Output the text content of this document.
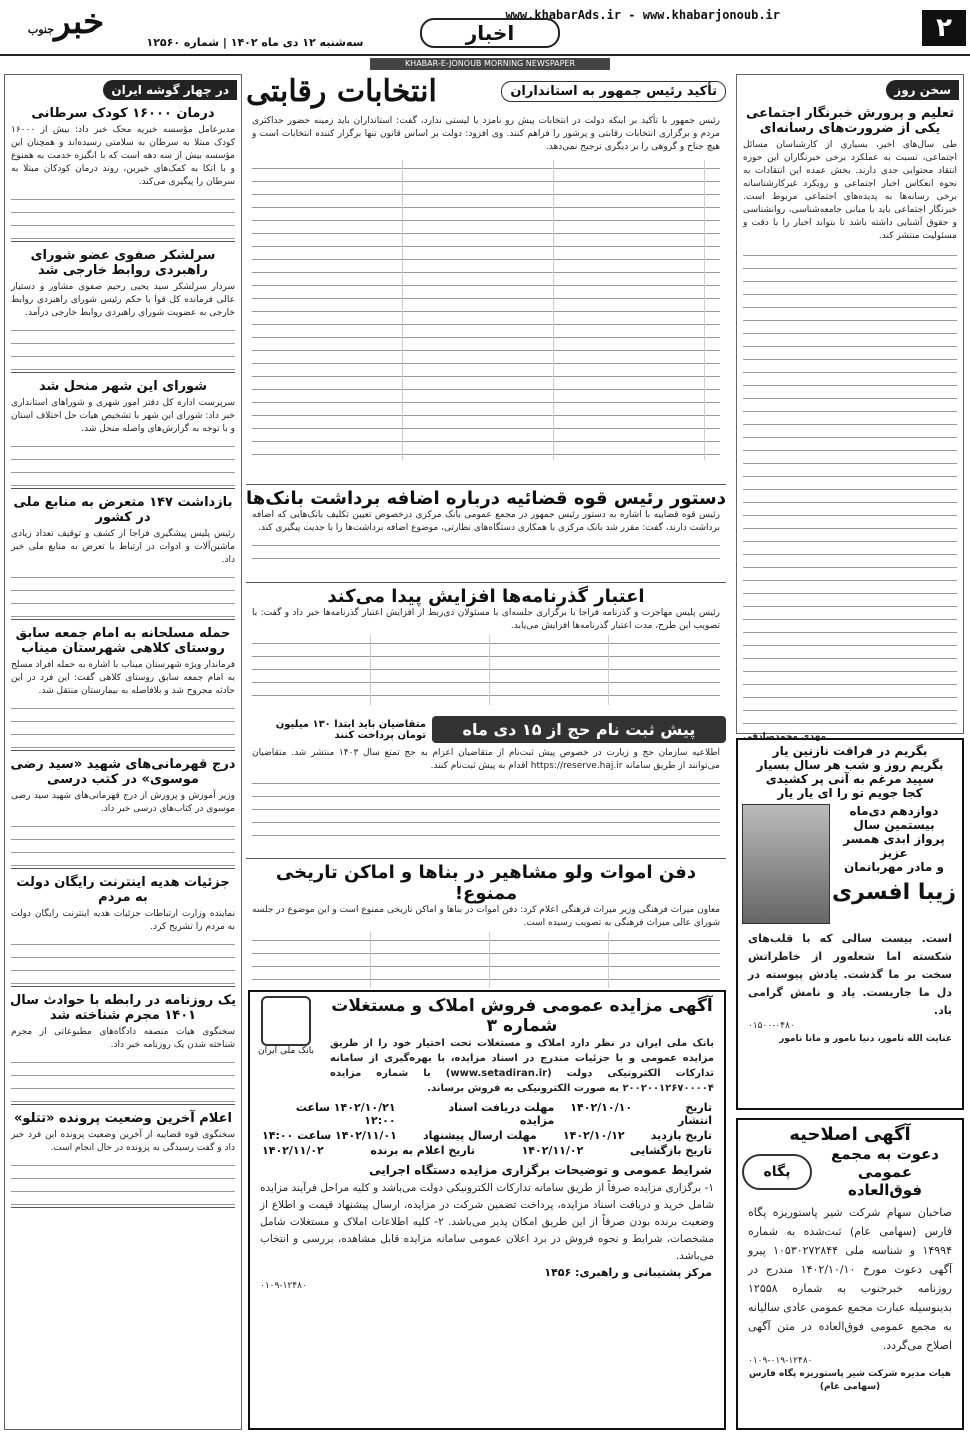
۲
www.khabarAds.ir - www.khabarjonoub.ir
اخبار
خبرجنوب
سه‌شنبه ۱۲ دی ماه ۱۴۰۲ | شماره ۱۲۵۶۰
KHABAR-E-JONOUB MORNING NEWSPAPER
سخن روز
تعلیم و پرورش خبرنگار اجتماعی یکی از ضرورت‌های رسانه‌ای
طی سال‌های اخیر، بسیاری از کارشناسان مسائل اجتماعی، نسبت به عملکرد برخی خبرنگاران این حوزه انتقاد محتوایی جدی دارند. بخش عمده این انتقادات به نحوه انعکاس اخبار اجتماعی و رویکرد غیرکارشناسانه برخی رسانه‌ها به پدیده‌های اجتماعی مربوط است. خبرنگار اجتماعی باید با مبانی جامعه‌شناسی، روانشناسی و حقوق آشنایی داشته باشد تا بتواند اخبار را با دقت و مسئولیت منتشر کند.
مهدی محمدصادقی
بگریم در فراقت نازنین یار
بگریم روز و شب هر سال بسیار
سپید مرغم به آنی پر کشیدی
کجا جویم تو را ای یار یار
دوازدهم دی‌ماه
بیستمین سال
پرواز ابدی همسر عزیز
و مادر مهربانمان
زیبا افسری
است. بیست سالی که با قلب‌های شکسته اما شعله‌ور از خاطراتش سخت بر ما گذشت. یادش پیوسته در دل ما جاریست. یاد و نامش گرامی باد.
۰۱۵۰۰-۰۴۸۰
عنایت الله نامور، دنیا نامور و مانا نامور
آگهی اصلاحیه
دعوت به مجمع عمومی
فوق‌العاده
پگاه
صاحبان سهام شرکت شیر پاستوریزه پگاه فارس (سهامی عام) ثبت‌شده به شماره ۱۴۹۹۴ و شناسه ملی ۱۰۵۳۰۲۷۲۸۴۴ پیرو آگهی دعوت مورخ ۱۴۰۲/۱۰/۱۰ مندرج در روزنامه خبرجنوب به شماره ۱۲۵۵۸ بدینوسیله عبارت مجمع عمومی عادی سالیانه به مجمع عمومی فوق‌العاده در متن آگهی اصلاح می‌گردد.
۰۱۰۹-۰۱۹-۱۲۴۸۰
هیات مدیره شرکت شیر پاستوریزه پگاه فارس (سهامی عام)
در چهار گوشه ایران
درمان ۱۶۰۰۰ کودک سرطانی
مدیرعامل مؤسسه خیریه محک خبر داد: بیش از ۱۶۰۰۰ کودک مبتلا به سرطان به سلامتی رسیده‌اند و همچنان این مؤسسه بیش از سه دهه است که با انگیزه خدمت به همنوع و با اتکا به کمک‌های خیرین، روند درمان کودکان مبتلا به سرطان را پیگیری می‌کند.
سرلشکر صفوی عضو شورای راهبردی روابط خارجی شد
سردار سرلشکر سید یحیی رحیم صفوی مشاور و دستیار عالی فرمانده کل قوا با حکم رئیس شورای راهبردی روابط خارجی به عضویت شورای راهبردی روابط خارجی درآمد.
شورای این شهر منحل شد
سرپرست اداره کل دفتر امور شهری و شوراهای استانداری خبر داد: شورای این شهر با تشخیص هیات حل اختلاف استان و با توجه به گزارش‌های واصله منحل شد.
بازداشت ۱۴۷ متعرض به منابع ملی در کشور
رئیس پلیس پیشگیری فراجا از کشف و توقیف تعداد زیادی ماشین‌آلات و ادوات در ارتباط با تعرض به منابع ملی خبر داد.
حمله مسلحانه به امام جمعه سابق روستای کلاهی شهرستان میناب
فرماندار ویژه شهرستان میناب با اشاره به حمله افراد مسلح به امام جمعه سابق روستای کلاهی گفت: این فرد در این حادثه مجروح شد و بلافاصله به بیمارستان منتقل شد.
درج قهرمانی‌های شهید «سید رضی موسوی» در کتب درسی
وزیر آموزش و پرورش از درج قهرمانی‌های شهید سید رضی موسوی در کتاب‌های درسی خبر داد.
جزئیات هدیه اینترنت رایگان دولت به مردم
نماینده وزارت ارتباطات جزئیات هدیه اینترنت رایگان دولت به مردم را تشریح کرد.
یک روزنامه در رابطه با حوادث سال ۱۴۰۱ مجرم شناخته شد
سخنگوی هیات منصفه دادگاه‌های مطبوعاتی از مجرم شناخته شدن یک روزنامه خبر داد.
اعلام آخرین وضعیت پرونده «تتلو»
سخنگوی قوه قضاییه از آخرین وضعیت پرونده این فرد خبر داد و گفت رسیدگی به پرونده در حال انجام است.
تأکید رئیس جمهور به استانداران
انتخابات رقابتی
رئیس جمهور با تأکید بر اینکه دولت در انتخابات پیش رو نامزد یا لیستی ندارد، گفت: استانداران باید زمینه حضور حداکثری مردم و برگزاری انتخابات رقابتی و پرشور را فراهم کنند. وی افزود: دولت بر اساس قانون تنها برگزار کننده انتخابات است و هیچ جناح و گروهی را بر دیگری ترجیح نمی‌دهد.
دستور رئیس قوه قضائیه درباره اضافه برداشت بانک‌ها
رئیس قوه قضاییه با اشاره به دستور رئیس جمهور در مجمع عمومی بانک مرکزی درخصوص تعیین تکلیف بانک‌هایی که اضافه برداشت دارند، گفت: مقرر شد بانک مرکزی با همکاری دستگاه‌های نظارتی، موضوع اضافه برداشت‌ها را با جدیت پیگیری کند.
اعتبار گذرنامه‌ها افزایش پیدا می‌کند
رئیس پلیس مهاجرت و گذرنامه فراجا با برگزاری جلسه‌ای با مسئولان ذی‌ربط از افزایش اعتبار گذرنامه‌ها خبر داد و گفت: با تصویب این طرح، مدت اعتبار گذرنامه‌ها افزایش می‌یابد.
پیش ثبت نام حج از ۱۵ دی ماه
متقاضیان باید ابتدا ۱۳۰ میلیون تومان پرداخت کنند
اطلاعیه سازمان حج و زیارت در خصوص پیش ثبت‌نام از متقاضیان اعزام به حج تمتع سال ۱۴۰۳ منتشر شد. متقاضیان می‌توانند از طریق سامانه https://reserve.haj.ir اقدام به پیش ثبت‌نام کنند.
دفن اموات ولو مشاهیر در بناها و اماکن تاریخی ممنوع!
معاون میراث فرهنگی وزیر میراث فرهنگی اعلام کرد: دفن اموات در بناها و اماکن تاریخی ممنوع است و این موضوع در جلسه شورای عالی میراث فرهنگی به تصویب رسیده است.
آگهی مزایده عمومی فروش املاک و مستغلات شماره ۳
بانک ملی ایران در نظر دارد املاک و مستغلات تحت اختیار خود را از طریق مزایده عمومی و با جزئیات مندرج در اسناد مزایده، با بهره‌گیری از سامانه تدارکات الکترونیکی دولت (www.setadiran.ir) با شماره مزایده ۲۰۰۲۰۰۱۲۶۷۰۰۰۰۴ به صورت الکترونیکی به فروش برساند.
بانک ملی ایران
تاریخ انتشار
۱۴۰۲/۱۰/۱۰
مهلت دریافت اسناد مزایده
۱۴۰۲/۱۰/۲۱ ساعت ۱۲:۰۰
تاریخ بازدید
۱۴۰۲/۱۰/۱۲
مهلت ارسال پیشنهاد
۱۴۰۲/۱۱/۰۱ ساعت ۱۴:۰۰
تاریخ بازگشایی
۱۴۰۲/۱۱/۰۲
تاریخ اعلام به برنده
۱۴۰۲/۱۱/۰۲
شرایط عمومی و توضیحات برگزاری مزایده دستگاه اجرایی
۱- برگزاری مزایده صرفاً از طریق سامانه تدارکات الکترونیکی دولت می‌باشد و کلیه مراحل فرآیند مزایده شامل خرید و دریافت اسناد مزایده، پرداخت تضمین شرکت در مزایده، ارسال پیشنهاد قیمت و اطلاع از وضعیت برنده بودن صرفاً از این طریق امکان پذیر می‌باشد. ۲- کلیه اطلاعات املاک و مستغلات شامل مشخصات، شرایط و نحوه فروش در برد اعلان عمومی سامانه مزایده قابل مشاهده، بررسی و انتخاب می‌باشد.
مرکز پشتیبانی و راهبری: ۱۴۵۶
۰۱۰۹-۱۲۴۸۰
